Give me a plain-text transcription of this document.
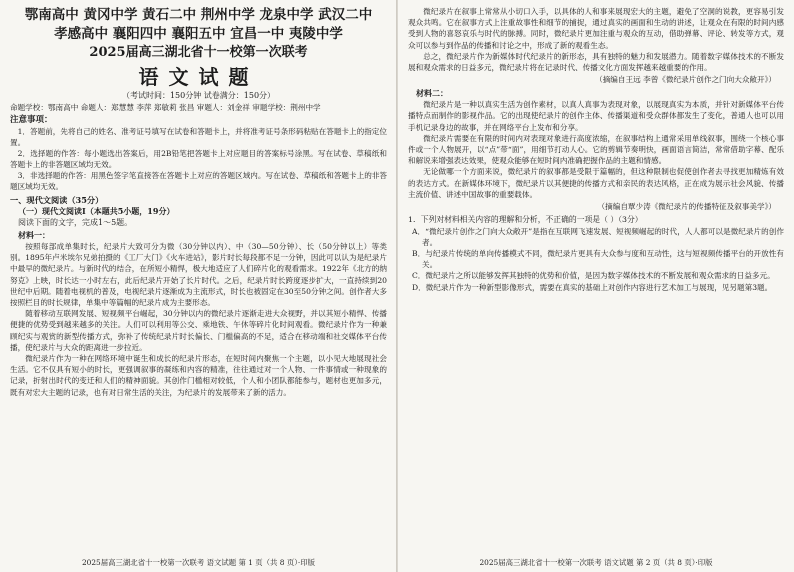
鄂南高中 黄冈中学 黄石二中 荆州中学 龙泉中学 武汉二中
孝感高中 襄阳四中 襄阳五中 宜昌一中 夷陵中学
2025届高三湖北省十一校第一次联考
语文试题
（考试时间：150分钟 试卷满分：150分）
命题学校：鄂南高中 命题人：郑慧慧 李萍 郑敏莉 张昌 审题人：刘金祥 审题学校：荆州中学
注意事项：

1．答题前，先将自己的姓名、准考证号填写在试卷和答题卡上，并将准考证号条形码粘贴在答题卡上的指定位置。

2．选择题的作答：每小题选出答案后，用2B铅笔把答题卡上对应题目的答案标号涂黑。写在试卷、草稿纸和答题卡上的非答题区域均无效。

3．非选择题的作答：用黑色签字笔直接答在答题卡上对应的答题区域内。写在试卷、草稿纸和答题卡上的非答题区域均无效。

一、现代文阅读（35分）
（一）现代文阅读Ⅰ（本题共5小题，19分）
阅读下面的文字，完成1～5题。
材料一：

按照每部成单集时长，纪录片大致可分为微（30分钟以内）、中（30—50分钟）、长（50分钟以上）等类别。1895年卢米埃尔兄弟拍摄的《工厂大门》《火车进站》，影片时长每段都不足一分钟，因此可以认为是纪录片中最早的微纪录片。与新时代的结合，在所短小精悍，极大地适应了人们碎片化的观看需求。1922年《北方的纳努克》上映，时长达一小时左右，此后纪录片开始了长片时代。之后，纪录片时长跨度逐步扩大，一直持续到20世纪中后期。随着电视机的普及，电视纪录片逐渐成为主流形式，时长也被固定在30至50分钟之间。创作者大多按照栏目的时长规律，单集中等篇幅的纪录片成为主要形态。

随着移动互联网发展、短视频平台崛起，30分钟以内的微纪录片逐渐走进大众视野，并以其短小精悍、传播便捷的优势受到越来越多的关注。人们可以利用等公交、乘地铁、午休等碎片化时间观看。微纪录片作为一种兼顾纪实与观赏的新型传播方式，弥补了传统纪录片时长偏长、门槛偏高的不足，适合在移动端和社交媒体平台传播，使纪录片与大众的距离进一步拉近。

微纪录片作为一种在网络环境中诞生和成长的纪录片形态，在短时间内聚焦一个主题，以小见大地展现社会生活。它不仅具有短小的时长，更强调叙事的凝练和内容的精准，往往通过对一个人物、一件事情或一种现象的记录，折射出时代的变迁和人们的精神面貌。其创作门槛相对较低，个人和小团队都能参与，题材也更加多元，既有对宏大主题的记录，也有对日常生活的关注，为纪录片的发展带来了新的活力。

2025届高三湖北省十一校第一次联考 语文试题 第 1 页（共 8 页）·印版

微纪录片在叙事上常常从小切口入手，以具体的人和事来展现宏大的主题，避免了空洞的说教，更容易引发观众共鸣。它在叙事方式上注重故事性和细节的捕捉，通过真实的画面和生动的讲述，让观众在有限的时间内感受到人物的喜怒哀乐与时代的脉搏。同时，微纪录片更加注重与观众的互动，借助弹幕、评论、转发等方式，观众可以参与到作品的传播和讨论之中，形成了新的观看生态。

总之，微纪录片作为新媒体时代纪录片的新形态，具有独特的魅力和发展潜力。随着数字媒体技术的不断发展和观众需求的日益多元，微纪录片将在记录时代、传播文化方面发挥越来越重要的作用。

（摘编自王远 李曾《微纪录片创作之门向大众敞开》）
材料二：

微纪录片是一种以真实生活为创作素材，以真人真事为表现对象，以展现真实为本质，并针对新媒体平台传播特点而制作的影视作品。它的出现使纪录片的创作主体、传播渠道和受众群体都发生了变化，普通人也可以用手机记录身边的故事，并在网络平台上发布和分享。

微纪录片需要在有限的时间内对表现对象进行高度浓缩，在叙事结构上通常采用单线叙事，围绕一个核心事件或一个人物展开，以“点”带“面”，用细节打动人心。它的剪辑节奏明快，画面语言简洁，常常借助字幕、配乐和解说来增强表达效果，使观众能够在短时间内准确把握作品的主题和情感。

无论做哪一个方面来说，微纪录片的叙事都是受限于篇幅的，但这种限制也促使创作者去寻找更加精炼有效的表达方式。在新媒体环境下，微纪录片以其便捷的传播方式和亲民的表达风格，正在成为展示社会风貌、传播主流价值、讲述中国故事的重要载体。

（摘编自覃少涛《微纪录片的传播特征及叙事美学》）
1．下列对材料相关内容的理解和分析，不正确的一项是（ ）（3分）

A．“微纪录片创作之门向大众敞开”是指在互联网飞速发展、短视频崛起的时代，人人都可以是微纪录片的创作者。

B．与纪录片传统的单向传播模式不同，微纪录片更具有大众参与度和互动性，这与短视频传播平台的开放性有关。

C．微纪录片之所以能够发挥其独特的优势和价值，是因为数字媒体技术的不断发展和观众需求的日益多元。

D．微纪录片作为一种新型影像形式，需要在真实的基础上对创作内容进行艺术加工与展现，见另题第3题。

2025届高三湖北省十一校第一次联考 语文试题 第 2 页（共 8 页）·印版
